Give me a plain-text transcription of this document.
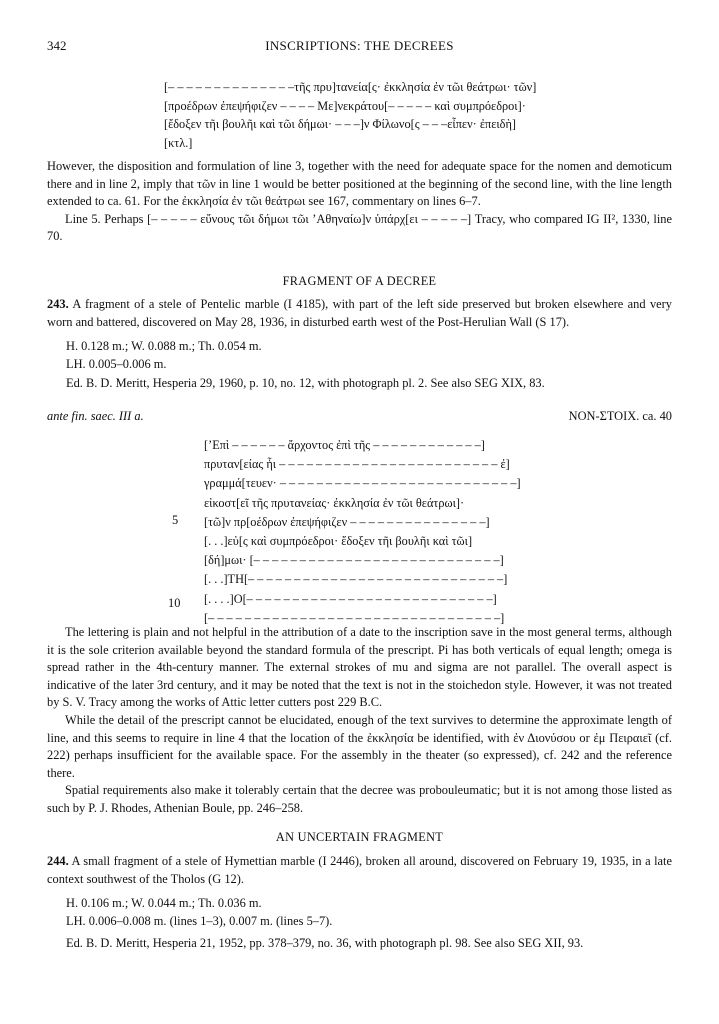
342	INSCRIPTIONS: THE DECREES
[– – – – – – – – – – – – – –τῆς πρυ]τανεία[ς· ἐκκλησία ἐν τῶι θεάτρωι· τῶν]
[προέδρων ἐπεψήφιζεν – – – – Με]νεκράτου[– – – – – καὶ συμπρόεδροι]·
[ἔδοξεν τῆι βουλῆι καὶ τῶι δήμωι· – – –]ν Φίλωνο[ς – – –εἶπεν· ἐπειδὴ]
[κτλ.]

However, the disposition and formulation of line 3, together with the need for adequate space for the nomen and demoticum there and in line 2, imply that τῶν in line 1 would be better positioned at the beginning of the second line, with the line length extended to ca. 61. For the ἐκκλησία ἐν τῶι θεάτρωι see 167, commentary on lines 6–7.

Line 5. Perhaps [– – – – – εὔνους τῶι δήμωι τῶι ’Αθηναίω]ν ὑπάρχ[ει – – – – –] Tracy, who compared IG II², 1330, line 70.

FRAGMENT OF A DECREE

243. A fragment of a stele of Pentelic marble (I 4185), with part of the left side preserved but broken elsewhere and very worn and battered, discovered on May 28, 1936, in disturbed earth west of the Post-Herulian Wall (S 17).

H. 0.128 m.; W. 0.088 m.; Th. 0.054 m.
LH. 0.005–0.006 m.
Ed. B. D. Meritt, Hesperia 29, 1960, p. 10, no. 12, with photograph pl. 2. See also SEG XIX, 83.
ante fin. saec. III a.	NON-ΣΤΟΙΧ. ca. 40
[’Επὶ – – – – – – ἄρχοντος ἐπὶ τῆς – – – – – – – – – – – –]
πρυταν[είας ἧι – – – – – – – – – – – – – – – – – – – – – – – – ἐ]
γραμμά[τευεν· – – – – – – – – – – – – – – – – – – – – – – – – – –]
εἰκοστ[εῖ τῆς πρυτανείας· ἐκκλησία ἐν τῶι θεάτρωι]·
[τῶ]ν πρ[οέδρων ἐπεψήφιζεν – – – – – – – – – – – – – – –]
[. . .]εὐ[ς καὶ συμπρόεδροι· ἔδοξεν τῆι βουλῆι καὶ τῶι]
[δή]μωι· [– – – – – – – – – – – – – – – – – – – – – – – – – – –]
[. . .]ΤΗ[– – – – – – – – – – – – – – – – – – – – – – – – – – – –]
[. . . .]Ο[– – – – – – – – – – – – – – – – – – – – – – – – – – –]
[– – – – – – – – – – – – – – – – – – – – – – – – – – – – – – – –]
5
10

The lettering is plain and not helpful in the attribution of a date to the inscription save in the most general terms, although it is the sole criterion available beyond the standard formula of the prescript. Pi has both verticals of equal length; omega is spread rather in the 4th-century manner. The external strokes of mu and sigma are not parallel. The overall aspect is indicative of the later 3rd century, and it may be noted that the text is not in the stoichedon style. However, it was not treated by S. V. Tracy among the works of Attic letter cutters post 229 B.C.

While the detail of the prescript cannot be elucidated, enough of the text survives to determine the approximate length of line, and this seems to require in line 4 that the location of the ἐκκλησία be identified, with ἐν Διονύσου or ἐμ Πειραιεῖ (cf. 222) perhaps insufficient for the available space. For the assembly in the theater (so expressed), cf. 242 and the reference there.

Spatial requirements also make it tolerably certain that the decree was probouleumatic; but it is not among those listed as such by P. J. Rhodes, Athenian Boule, pp. 246–258.

AN UNCERTAIN FRAGMENT

244. A small fragment of a stele of Hymettian marble (I 2446), broken all around, discovered on February 19, 1935, in a late context southwest of the Tholos (G 12).

H. 0.106 m.; W. 0.044 m.; Th. 0.036 m.
LH. 0.006–0.008 m. (lines 1–3), 0.007 m. (lines 5–7).
Ed. B. D. Meritt, Hesperia 21, 1952, pp. 378–379, no. 36, with photograph pl. 98. See also SEG XII, 93.
